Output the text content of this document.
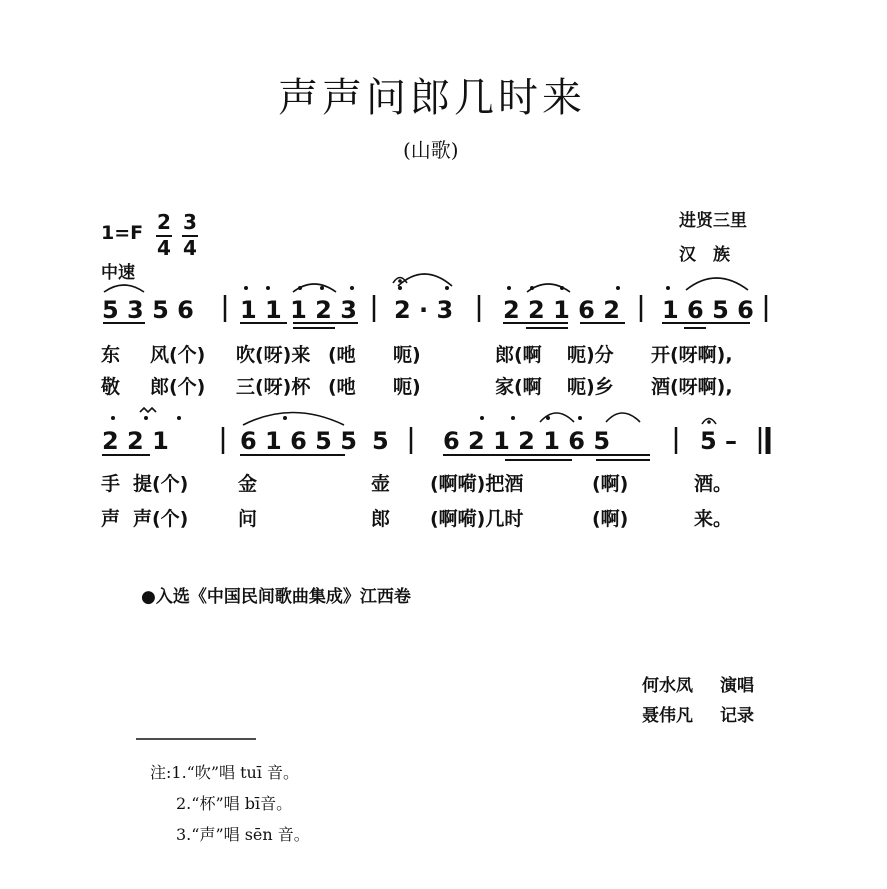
声声问郎几时来
(山歌)
1=F 2
4
3
4
中速
进贤三里
汉　族
5 3 5 6 1 1 1 2 3 2 · 3 2 2 1 6 2 1 6 5 6
东 风(个) 吹(呀)来 (吔 呃)	郎(啊 呃)分 开(呀啊),
敬 郎(个) 三(呀)杯 (吔 呃)	家(啊 呃)乡 酒(呀啊),
2 2 1	6 1 6 5 5 5 6 2 1 2 1 6 5	5 –
手 提(个)	金	壶 (啊嗬)把酒	(啊)	酒。
声 声(个)	问	郎 (啊嗬)几时	(啊)	来。
●入选《中国民间歌曲集成》江西卷
何水凤 演唱
聂伟凡 记录
注:1.“吹”唱 tuī 音。
2.“杯”唱 bī音。
3.“声”唱 sēn 音。
